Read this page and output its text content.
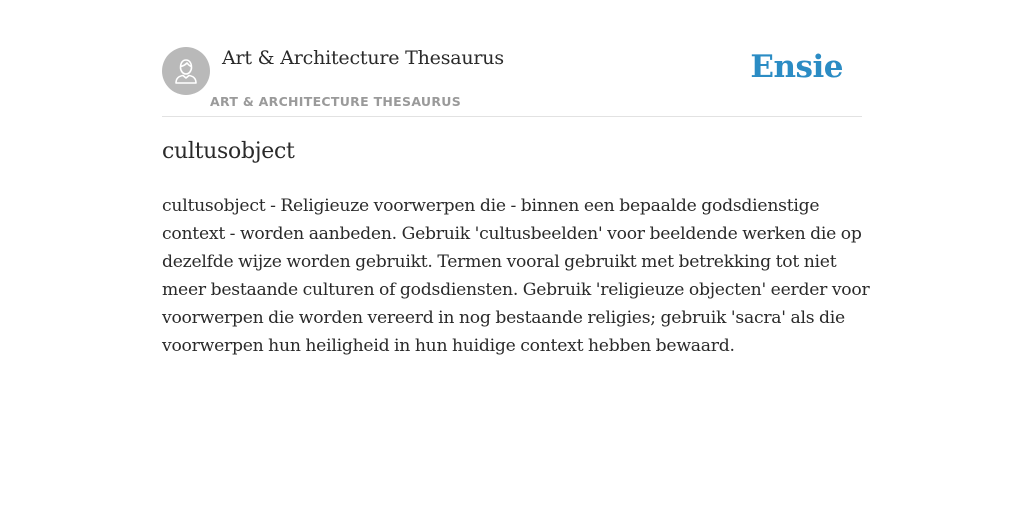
Art & Architecture Thesaurus
ART & ARCHITECTURE THESAURUS
Ensie
cultusobject

cultusobject - Religieuze voorwerpen die - binnen een bepaalde godsdienstige context - worden aanbeden. Gebruik 'cultusbeelden' voor beeldende werken die op dezelfde wijze worden gebruikt. Termen vooral gebruikt met betrekking tot niet meer bestaande culturen of godsdiensten. Gebruik 'religieuze objecten' eerder voor voorwerpen die worden vereerd in nog bestaande religies; gebruik 'sacra' als die voorwerpen hun heiligheid in hun huidige context hebben bewaard.
